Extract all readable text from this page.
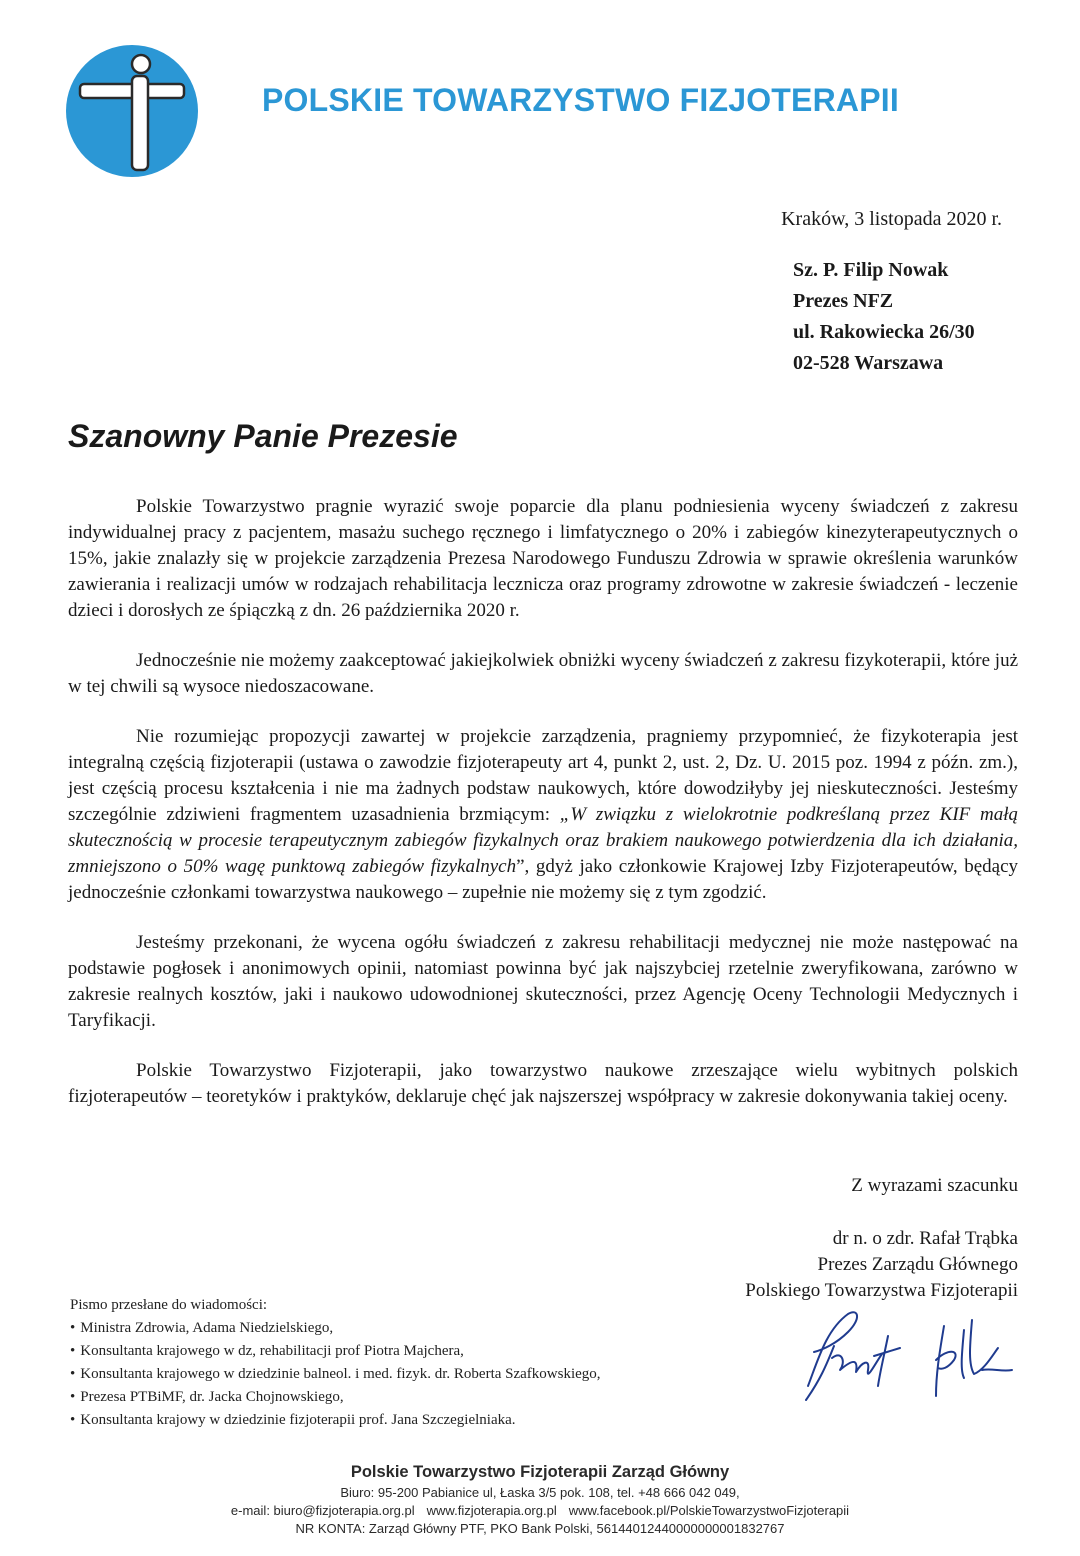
POLSKIE TOWARZYSTWO FIZJOTERAPII
Kraków, 3 listopada 2020 r.
Sz. P. Filip Nowak
Prezes NFZ
ul. Rakowiecka 26/30
02-528 Warszawa
Szanowny Panie Prezesie

Polskie Towarzystwo pragnie wyrazić swoje poparcie dla planu podniesienia wyceny świadczeń z zakresu indywidualnej pracy z pacjentem, masażu suchego ręcznego i limfatycznego o 20% i zabiegów kinezyterapeutycznych o 15%, jakie znalazły się w projekcie zarządzenia Prezesa Narodowego Funduszu Zdrowia w sprawie określenia warunków zawierania i realizacji umów w rodzajach rehabilitacja lecznicza oraz programy zdrowotne w zakresie świadczeń - leczenie dzieci i dorosłych ze śpiączką z dn. 26 października 2020 r.

Jednocześnie nie możemy zaakceptować jakiejkolwiek obniżki wyceny świadczeń z zakresu fizykoterapii, które już w tej chwili są wysoce niedoszacowane.

Nie rozumiejąc propozycji zawartej w projekcie zarządzenia, pragniemy przypomnieć, że fizykoterapia jest integralną częścią fizjoterapii (ustawa o zawodzie fizjoterapeuty art 4, punkt 2, ust. 2, Dz. U. 2015 poz. 1994 z późn. zm.), jest częścią procesu kształcenia i nie ma żadnych podstaw naukowych, które dowodziłyby jej nieskuteczności. Jesteśmy szczególnie zdziwieni fragmentem uzasadnienia brzmiącym: „W związku z wielokrotnie podkreślaną przez KIF małą skutecznością w procesie terapeutycznym zabiegów fizykalnych oraz brakiem naukowego potwierdzenia dla ich działania, zmniejszono o 50% wagę punktową zabiegów fizykalnych”, gdyż jako członkowie Krajowej Izby Fizjoterapeutów, będący jednocześnie członkami towarzystwa naukowego – zupełnie nie możemy się z tym zgodzić.

Jesteśmy przekonani, że wycena ogółu świadczeń z zakresu rehabilitacji medycznej nie może następować na podstawie pogłosek i anonimowych opinii, natomiast powinna być jak najszybciej rzetelnie zweryfikowana, zarówno w zakresie realnych kosztów, jaki i naukowo udowodnionej skuteczności, przez Agencję Oceny Technologii Medycznych i Taryfikacji.

Polskie Towarzystwo Fizjoterapii, jako towarzystwo naukowe zrzeszające wielu wybitnych polskich fizjoterapeutów – teoretyków i praktyków, deklaruje chęć jak najszerszej współpracy w zakresie dokonywania takiej oceny.

Z wyrazami szacunku
dr n. o zdr. Rafał Trąbka
Prezes Zarządu Głównego
Polskiego Towarzystwa Fizjoterapii
Pismo przesłane do wiadomości:
• Ministra Zdrowia, Adama Niedzielskiego,
• Konsultanta krajowego w dz, rehabilitacji prof Piotra Majchera,
• Konsultanta krajowego w dziedzinie balneol. i med. fizyk. dr. Roberta Szafkowskiego,
• Prezesa PTBiMF, dr. Jacka Chojnowskiego,
• Konsultanta krajowy w dziedzinie fizjoterapii prof. Jana Szczegielniaka.
Polskie Towarzystwo Fizjoterapii Zarząd Główny
Biuro: 95-200 Pabianice ul, Łaska 3/5 pok. 108, tel. +48 666 042 049,
e-mail: biuro@fizjoterapia.org.pl www.fizjoterapia.org.pl www.facebook.pl/PolskieTowarzystwoFizjoterapii
NR KONTA: Zarząd Główny PTF, PKO Bank Polski, 56144012440000000001832767
